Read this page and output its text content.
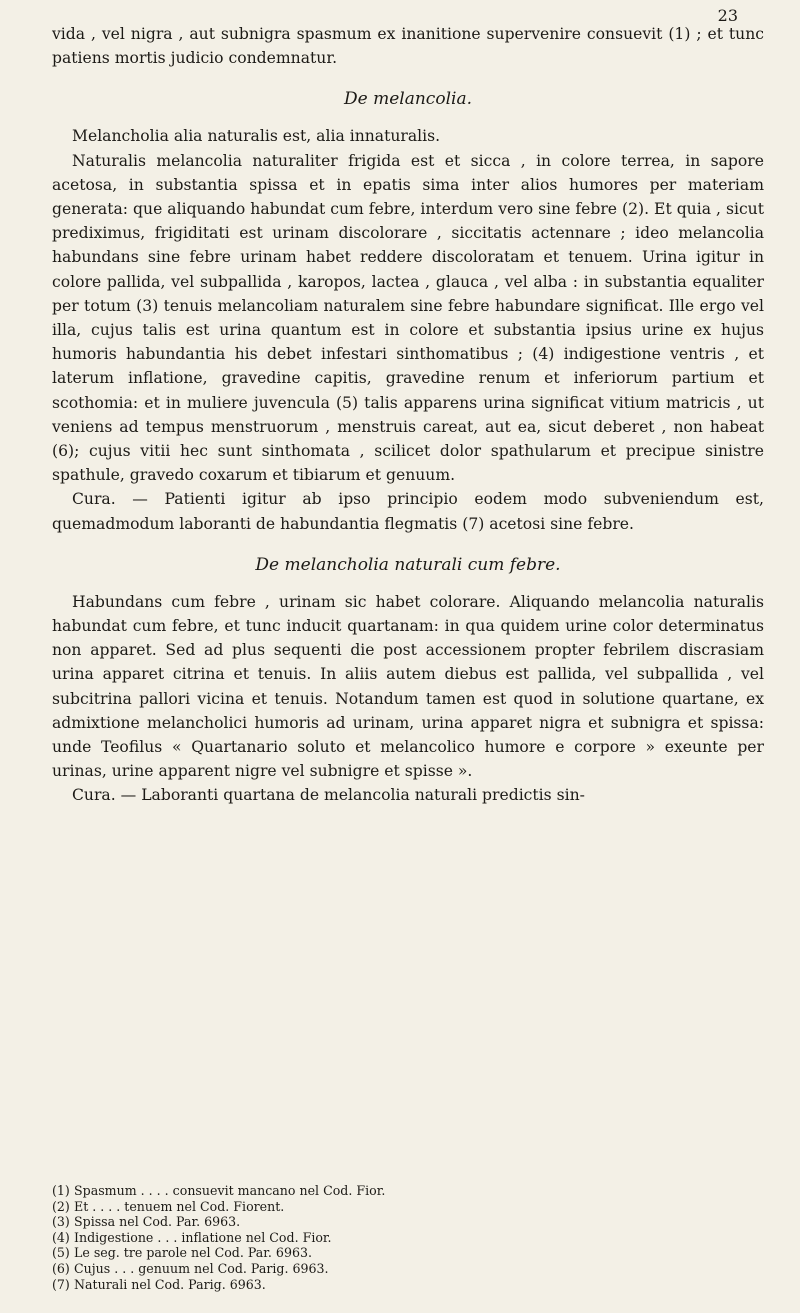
23

vida , vel nigra , aut subnigra spasmum ex inanitione supervenire consuevit (1) ; et tunc patiens mortis judicio condemnatur.

De melancolia.

Melancholia alia naturalis est, alia innaturalis.

Naturalis melancolia naturaliter frigida est et sicca , in colore terrea, in sapore acetosa, in substantia spissa et in epatis sima inter alios humores per materiam generata: que aliquando habundat cum febre, interdum vero sine febre (2). Et quia , sicut prediximus, frigiditati est urinam discolorare , siccitatis actennare ; ideo melancolia habundans sine febre urinam habet reddere discoloratam et tenuem. Urina igitur in colore pallida, vel subpallida , karopos, lactea , glauca , vel alba : in substantia equaliter per totum (3) tenuis melancoliam naturalem sine febre habundare significat. Ille ergo vel illa, cujus talis est urina quantum est in colore et substantia ipsius urine ex hujus humoris habundantia his debet infestari sinthomatibus ; (4) indigestione ventris , et laterum inflatione, gravedine capitis, gravedine renum et inferiorum partium et scothomia: et in muliere juvencula (5) talis apparens urina significat vitium matricis , ut veniens ad tempus menstruorum , menstruis careat, aut ea, sicut deberet , non habeat (6); cujus vitii hec sunt sinthomata , scilicet dolor spathularum et precipue sinistre spathule, gravedo coxarum et tibiarum et genuum.

Cura. — Patienti igitur ab ipso principio eodem modo subveniendum est, quemadmodum laboranti de habundantia flegmatis (7) acetosi sine febre.

De melancholia naturali cum febre.

Habundans cum febre , urinam sic habet colorare. Aliquando melancolia naturalis habundat cum febre, et tunc inducit quartanam: in qua quidem urine color determinatus non apparet. Sed ad plus sequenti die post accessionem propter febrilem discrasiam urina apparet citrina et tenuis. In aliis autem diebus est pallida, vel subpallida , vel subcitrina pallori vicina et tenuis. Notandum tamen est quod in solutione quartane, ex admixtione melancholici humoris ad urinam, urina apparet nigra et subnigra et spissa: unde Teofilus « Quartanario soluto et melancolico humore e corpore » exeunte per urinas, urine apparent nigre vel subnigre et spisse ».

Cura. — Laboranti quartana de melancolia naturali predictis sin-

(1) Spasmum . . . . consuevit mancano nel Cod. Fior.

(2) Et . . . . tenuem nel Cod. Fiorent.

(3) Spissa nel Cod. Par. 6963.

(4) Indigestione . . . inflatione nel Cod. Fior.

(5) Le seg. tre parole nel Cod. Par. 6963.

(6) Cujus . . . genuum nel Cod. Parig. 6963.

(7) Naturali nel Cod. Parig. 6963.
